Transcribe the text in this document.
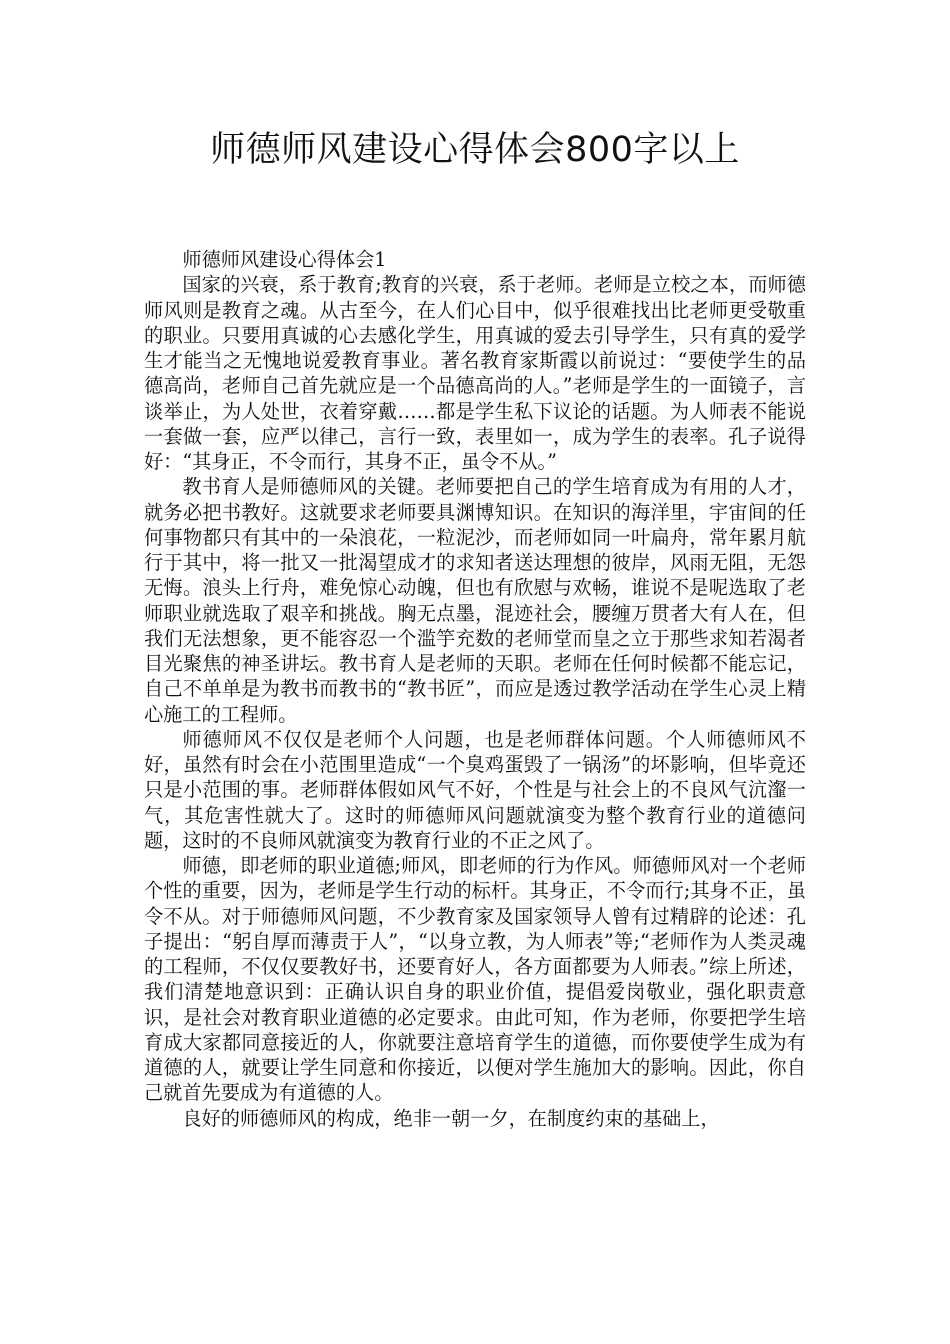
师德师风建设心得体会800字以上

师德师风建设心得体会1

国家的兴衰，系于教育;教育的兴衰，系于老师。老师是立校之本，而师德师风则是教育之魂。从古至今，在人们心目中，似乎很难找出比老师更受敬重的职业。只要用真诚的心去感化学生，用真诚的爱去引导学生，只有真的爱学生才能当之无愧地说爱教育事业。著名教育家斯霞以前说过：“要使学生的品德高尚，老师自己首先就应是一个品德高尚的人。”老师是学生的一面镜子，言谈举止，为人处世，衣着穿戴……都是学生私下议论的话题。为人师表不能说一套做一套，应严以律己，言行一致，表里如一，成为学生的表率。孔子说得好：“其身正，不令而行，其身不正，虽令不从。”

教书育人是师德师风的关键。老师要把自己的学生培育成为有用的人才，就务必把书教好。这就要求老师要具渊博知识。在知识的海洋里，宇宙间的任何事物都只有其中的一朵浪花，一粒泥沙，而老师如同一叶扁舟，常年累月航行于其中，将一批又一批渴望成才的求知者送达理想的彼岸，风雨无阻，无怨无悔。浪头上行舟，难免惊心动魄，但也有欣慰与欢畅，谁说不是呢选取了老师职业就选取了艰辛和挑战。胸无点墨，混迹社会，腰缠万贯者大有人在，但我们无法想象，更不能容忍一个滥竽充数的老师堂而皇之立于那些求知若渴者目光聚焦的神圣讲坛。教书育人是老师的天职。老师在任何时候都不能忘记，自己不单单是为教书而教书的“教书匠”，而应是透过教学活动在学生心灵上精心施工的工程师。

师德师风不仅仅是老师个人问题，也是老师群体问题。个人师德师风不好，虽然有时会在小范围里造成“一个臭鸡蛋毁了一锅汤”的坏影响，但毕竟还只是小范围的事。老师群体假如风气不好，个性是与社会上的不良风气沆瀣一气，其危害性就大了。这时的师德师风问题就演变为整个教育行业的道德问题，这时的不良师风就演变为教育行业的不正之风了。

师德，即老师的职业道德;师风，即老师的行为作风。师德师风对一个老师个性的重要，因为，老师是学生行动的标杆。其身正，不令而行;其身不正，虽令不从。对于师德师风问题，不少教育家及国家领导人曾有过精辟的论述：孔子提出：“躬自厚而薄责于人”，“以身立教，为人师表”等;“老师作为人类灵魂的工程师，不仅仅要教好书，还要育好人，各方面都要为人师表。”综上所述，我们清楚地意识到：正确认识自身的职业价值，提倡爱岗敬业，强化职责意识，是社会对教育职业道德的必定要求。由此可知，作为老师，你要把学生培育成大家都同意接近的人，你就要注意培育学生的道德，而你要使学生成为有道德的人，就要让学生同意和你接近，以便对学生施加大的影响。因此，你自己就首先要成为有道德的人。

良好的师德师风的构成，绝非一朝一夕，在制度约束的基础上，
